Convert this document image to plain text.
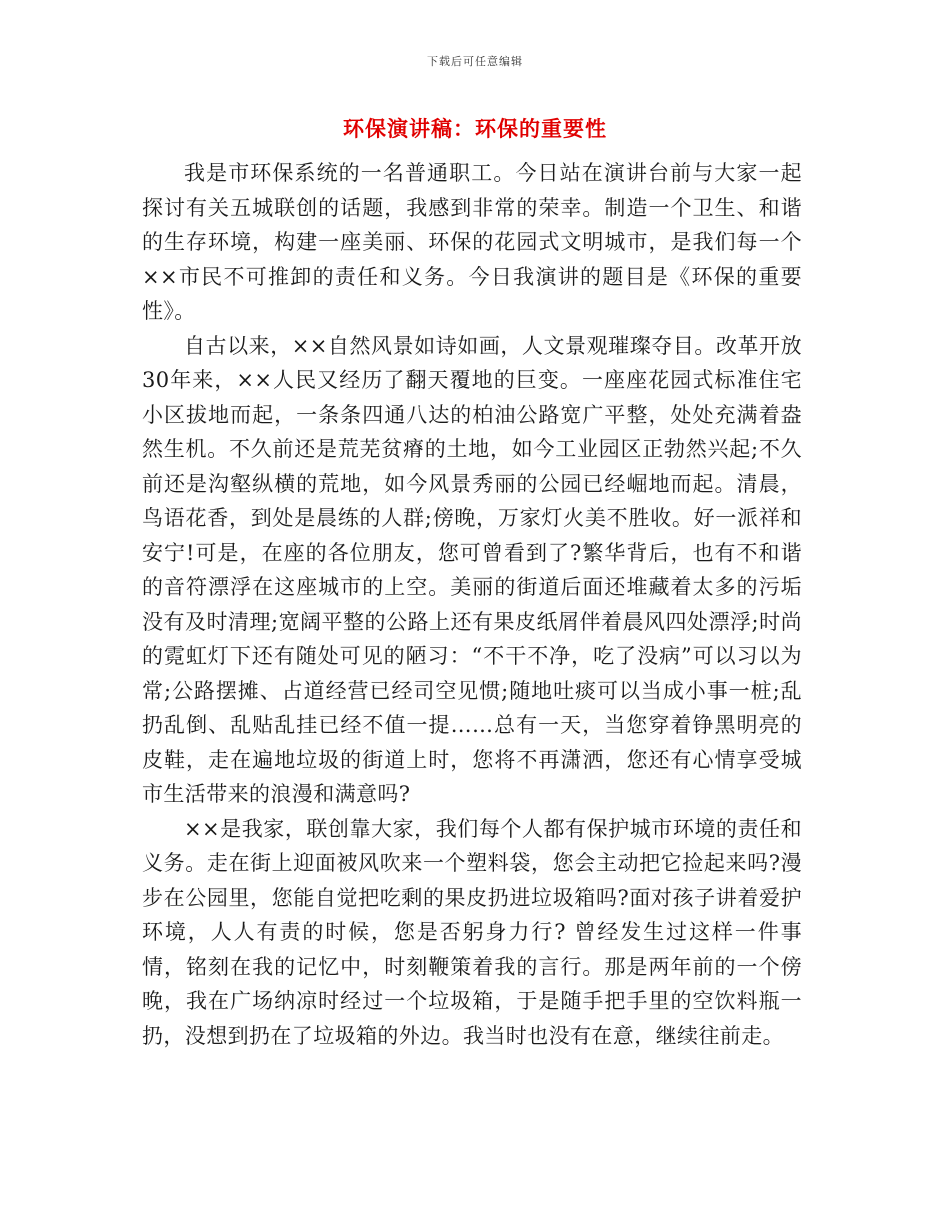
下载后可任意编辑
环保演讲稿：环保的重要性

我是市环保系统的一名普通职工。今日站在演讲台前与大家一起探讨有关五城联创的话题，我感到非常的荣幸。制造一个卫生、和谐的生存环境，构建一座美丽、环保的花园式文明城市，是我们每一个××市民不可推卸的责任和义务。今日我演讲的题目是《环保的重要性》。

自古以来，××自然风景如诗如画，人文景观璀璨夺目。改革开放30年来，××人民又经历了翻天覆地的巨变。一座座花园式标准住宅小区拔地而起，一条条四通八达的柏油公路宽广平整，处处充满着盎然生机。不久前还是荒芜贫瘠的土地，如今工业园区正勃然兴起;不久前还是沟壑纵横的荒地，如今风景秀丽的公园已经崛地而起。清晨，鸟语花香，到处是晨练的人群;傍晚，万家灯火美不胜收。好一派祥和安宁!可是，在座的各位朋友，您可曾看到了?繁华背后，也有不和谐的音符漂浮在这座城市的上空。美丽的街道后面还堆藏着太多的污垢没有及时清理;宽阔平整的公路上还有果皮纸屑伴着晨风四处漂浮;时尚的霓虹灯下还有随处可见的陋习：“不干不净，吃了没病”可以习以为常;公路摆摊、占道经营已经司空见惯;随地吐痰可以当成小事一桩;乱扔乱倒、乱贴乱挂已经不值一提……总有一天，当您穿着铮黑明亮的皮鞋，走在遍地垃圾的街道上时，您将不再潇洒，您还有心情享受城市生活带来的浪漫和满意吗?

××是我家，联创靠大家，我们每个人都有保护城市环境的责任和义务。走在街上迎面被风吹来一个塑料袋，您会主动把它捡起来吗?漫步在公园里，您能自觉把吃剩的果皮扔进垃圾箱吗?面对孩子讲着爱护环境，人人有责的时候，您是否躬身力行? 曾经发生过这样一件事情，铭刻在我的记忆中，时刻鞭策着我的言行。那是两年前的一个傍晚，我在广场纳凉时经过一个垃圾箱，于是随手把手里的空饮料瓶一扔，没想到扔在了垃圾箱的外边。我当时也没有在意，继续往前走。
